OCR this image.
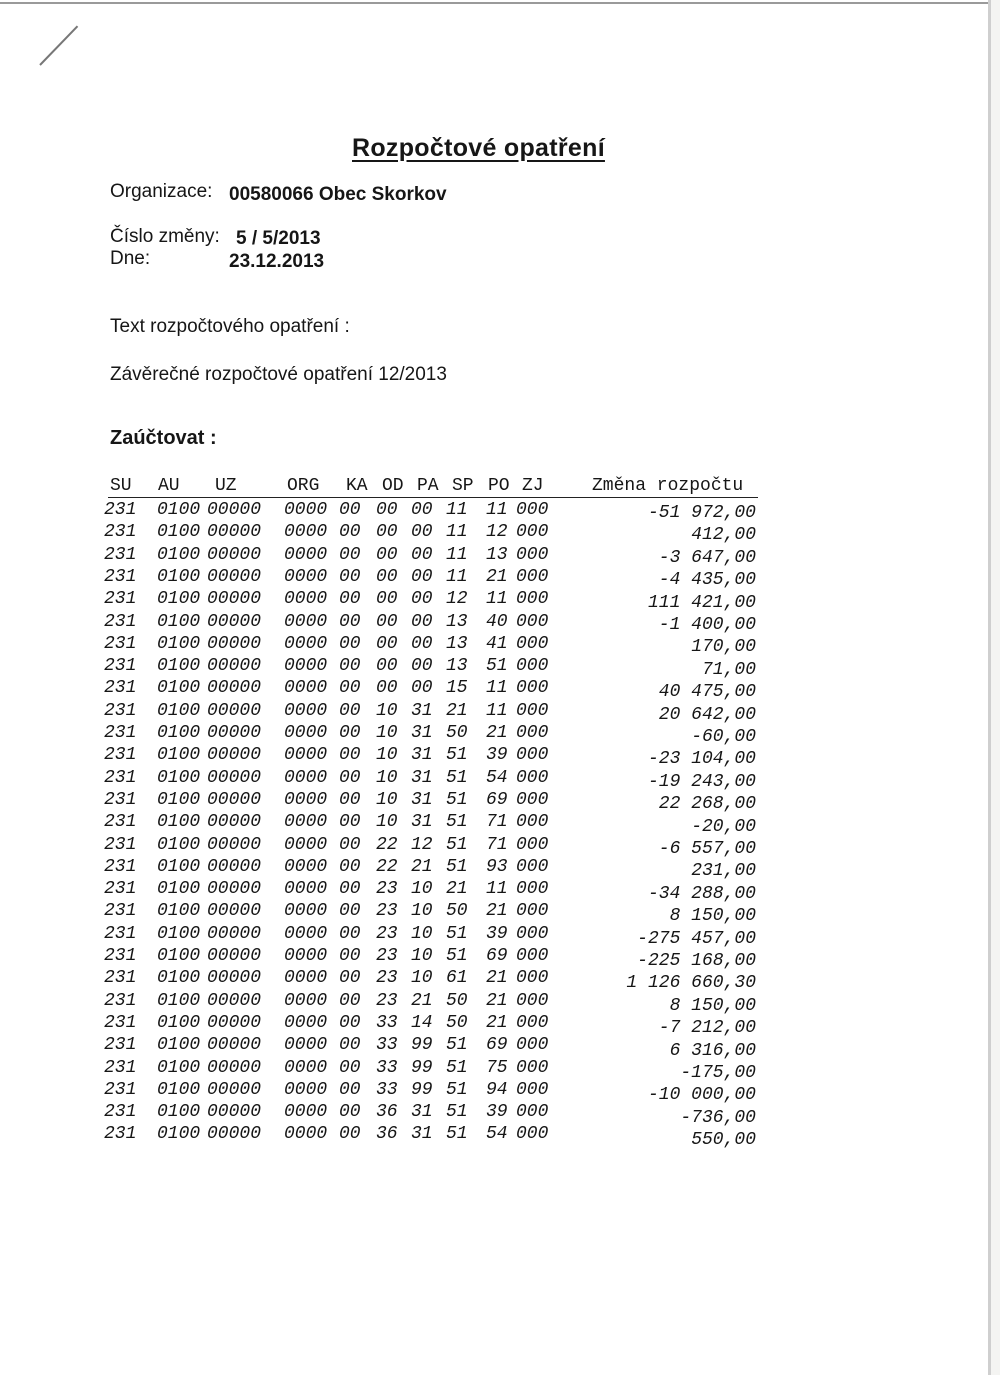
Rozpočtové opatření
Organizace: 00580066 Obec Skorkov
Číslo změny: 5 / 5/2013
Dne:	23.12.2013
Text rozpočtového opatření :
Závěrečné rozpočtové opatření 12/2013
Zaúčtovat :
SU AU UZ	ORG KA OD PA SP PO ZJ	Změna rozpočtu
231 0100 00000 0000 00 00 00 11 11 000	-51 972,00
231 0100 00000 0000 00 00 00 11 12 000	412,00
231 0100 00000 0000 00 00 00 11 13 000	-3 647,00
231 0100 00000 0000 00 00 00 11 21 000	-4 435,00
231 0100 00000 0000 00 00 00 12 11 000	111 421,00
231 0100 00000 0000 00 00 00 13 40 000	-1 400,00
231 0100 00000 0000 00 00 00 13 41 000	170,00
231 0100 00000 0000 00 00 00 13 51 000	71,00
231 0100 00000 0000 00 00 00 15 11 000	40 475,00
231 0100 00000 0000 00 10 31 21 11 000	20 642,00
231 0100 00000 0000 00 10 31 50 21 000	-60,00
231 0100 00000 0000 00 10 31 51 39 000	-23 104,00
231 0100 00000 0000 00 10 31 51 54 000	-19 243,00
231 0100 00000 0000 00 10 31 51 69 000	22 268,00
231 0100 00000 0000 00 10 31 51 71 000	-20,00
231 0100 00000 0000 00 22 12 51 71 000	-6 557,00
231 0100 00000 0000 00 22 21 51 93 000	231,00
231 0100 00000 0000 00 23 10 21 11 000	-34 288,00
231 0100 00000 0000 00 23 10 50 21 000	8 150,00
231 0100 00000 0000 00 23 10 51 39 000	-275 457,00
231 0100 00000 0000 00 23 10 51 69 000	-225 168,00
231 0100 00000 0000 00 23 10 61 21 000	1 126 660,30
231 0100 00000 0000 00 23 21 50 21 000	8 150,00
231 0100 00000 0000 00 33 14 50 21 000	-7 212,00
231 0100 00000 0000 00 33 99 51 69 000	6 316,00
231 0100 00000 0000 00 33 99 51 75 000	-175,00
231 0100 00000 0000 00 33 99 51 94 000	-10 000,00
231 0100 00000 0000 00 36 31 51 39 000	-736,00
231 0100 00000 0000 00 36 31 51 54 000	550,00
